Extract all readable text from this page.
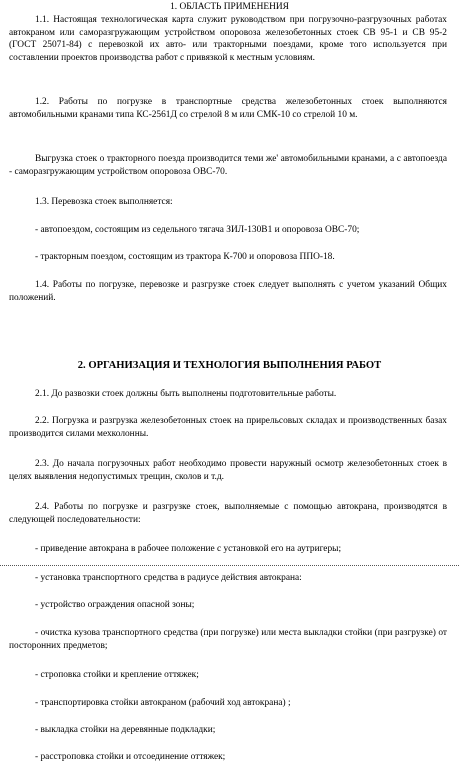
1. ОБЛАСТЬ ПРИМЕНЕНИЯ

1.1. Настоящая технологическая карта служит руководством при погрузочно-разгрузочных работах автокраном или саморазгружающим устройством опоровоза железобетонных стоек СВ 95-1 и СВ 95-2 (ГОСТ 25071-84) с перевозкой их авто- или тракторными поездами, кроме того используется при составлении проектов производства работ с привязкой к местным условиям.

1.2. Работы по погрузке в транспортные средства железобетонных стоек выполняются автомобильными кранами типа КС-2561Д со стрелой 8 м или СМК-10 со стрелой 10 м.

Выгрузка стоек о тракторного поезда производится теми же' автомобильными кранами, а с автопоезда - саморазгружающим устройством опоровоза ОВС-70.

1.3. Перевозка стоек выполняется:

- автопоездом, состоящим из седельного тягача ЗИЛ-130В1 и опоровоза ОВС-70;

- тракторным поездом, состоящим из трактора К-700 и опоровоза ППО-18.

1.4. Работы по погрузке, перевозке и разгрузке стоек следует выполнять с учетом указаний Общих положений.

2. ОРГАНИЗАЦИЯ И ТЕХНОЛОГИЯ ВЫПОЛНЕНИЯ РАБОТ

2.1. До развозки стоек должны быть выполнены подготовительные работы.

2.2. Погрузка и разгрузка железобетонных стоек на прирельсовых складах и производственных базах производится силами мехколонны.

2.3. До начала погрузочных работ необходимо провести наружный осмотр железобетонных стоек в целях выявления недопустимых трещин, сколов и т.д.

2.4. Работы по погрузке и разгрузке стоек, выполняемые с помощью автокрана, производятся в следующей последовательности:

- приведение автокрана в рабочее положение с установкой его на аутригеры;

- установка транспортного средства в радиусе действия автокрана:

- устройство ограждения опасной зоны;

- очистка кузова транспортного средства (при погрузке) или места выкладки стойки (при разгрузке) от посторонних предметов;

- строповка стойки и крепление оттяжек;

- транспортировка стойки автокраном (рабочий ход автокрана) ;

- выкладка стойки на деревянные подкладки;

- расстроповка стойки и отсоединение оттяжек;
